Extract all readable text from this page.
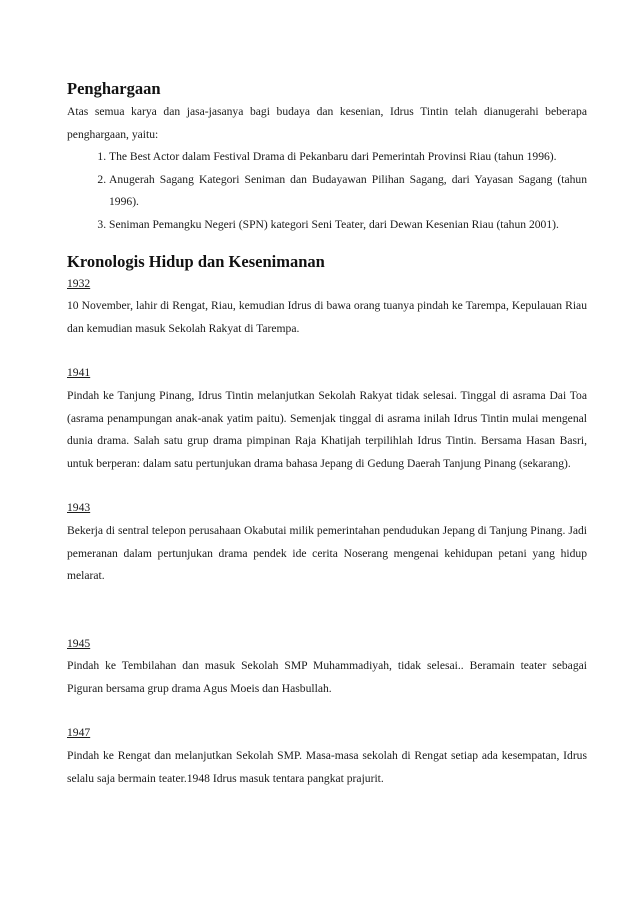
Penghargaan

Atas semua karya dan jasa-jasanya bagi budaya dan kesenian, Idrus Tintin telah dianugerahi beberapa penghargaan, yaitu:

1. The Best Actor dalam Festival Drama di Pekanbaru dari Pemerintah Provinsi Riau (tahun 1996).
2. Anugerah Sagang Kategori Seniman dan Budayawan Pilihan Sagang, dari Yayasan Sagang (tahun 1996).
3. Seniman Pemangku Negeri (SPN) kategori Seni Teater, dari Dewan Kesenian Riau (tahun 2001).
Kronologis Hidup dan Kesenimanan
1932

10 November, lahir di Rengat, Riau, kemudian Idrus di bawa orang tuanya pindah ke Tarempa, Kepulauan Riau dan kemudian masuk Sekolah Rakyat di Tarempa.

1941

Pindah ke Tanjung Pinang, Idrus Tintin melanjutkan Sekolah Rakyat tidak selesai. Tinggal di asrama Dai Toa (asrama penampungan anak-anak yatim paitu). Semenjak tinggal di asrama inilah Idrus Tintin mulai mengenal dunia drama. Salah satu grup drama pimpinan Raja Khatijah terpilihlah Idrus Tintin. Bersama Hasan Basri, untuk berperan: dalam satu pertunjukan drama bahasa Jepang di Gedung Daerah Tanjung Pinang (sekarang).

1943

Bekerja di sentral telepon perusahaan Okabutai milik pemerintahan pendudukan Jepang di Tanjung Pinang. Jadi pemeranan dalam pertunjukan drama pendek ide cerita Noserang mengenai kehidupan petani yang hidup melarat.

1945

Pindah ke Tembilahan dan masuk Sekolah SMP Muhammadiyah, tidak selesai.. Beramain teater sebagai Piguran bersama grup drama Agus Moeis dan Hasbullah.

1947

Pindah ke Rengat dan melanjutkan Sekolah SMP. Masa-masa sekolah di Rengat setiap ada kesempatan, Idrus selalu saja bermain teater.1948 Idrus masuk tentara pangkat prajurit.
